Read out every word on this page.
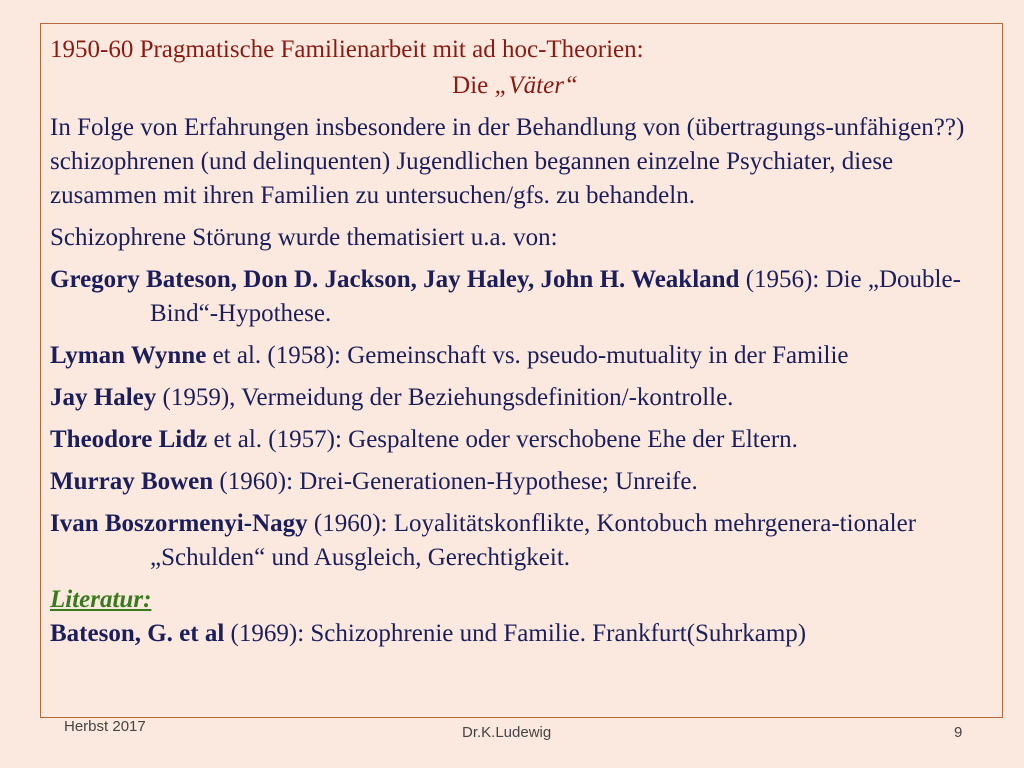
1950-60 Pragmatische Familienarbeit mit ad hoc-Theorien:

Die „Väter“

In Folge von Erfahrungen insbesondere in der Behandlung von (übertragungs-unfähigen??) schizophrenen (und delinquenten) Jugendlichen begannen einzelne Psychiater, diese zusammen mit ihren Familien zu untersuchen/gfs. zu behandeln.

Schizophrene Störung wurde thematisiert u.a. von:

Gregory Bateson, Don D. Jackson, Jay Haley, John H. Weakland (1956): Die „Double-Bind“-Hypothese.

Lyman Wynne et al. (1958): Gemeinschaft vs. pseudo-mutuality in der Familie

Jay Haley (1959), Vermeidung der Beziehungsdefinition/-kontrolle.

Theodore Lidz et al. (1957): Gespaltene oder verschobene Ehe der Eltern.

Murray Bowen (1960): Drei-Generationen-Hypothese; Unreife.

Ivan Boszormenyi-Nagy (1960): Loyalitätskonflikte, Kontobuch mehrgenera-tionaler „Schulden“ und Ausgleich, Gerechtigkeit.

Literatur:

Bateson, G. et al (1969): Schizophrenie und Familie. Frankfurt(Suhrkamp)

Herbst 2017	Dr.K.Ludewig	9
